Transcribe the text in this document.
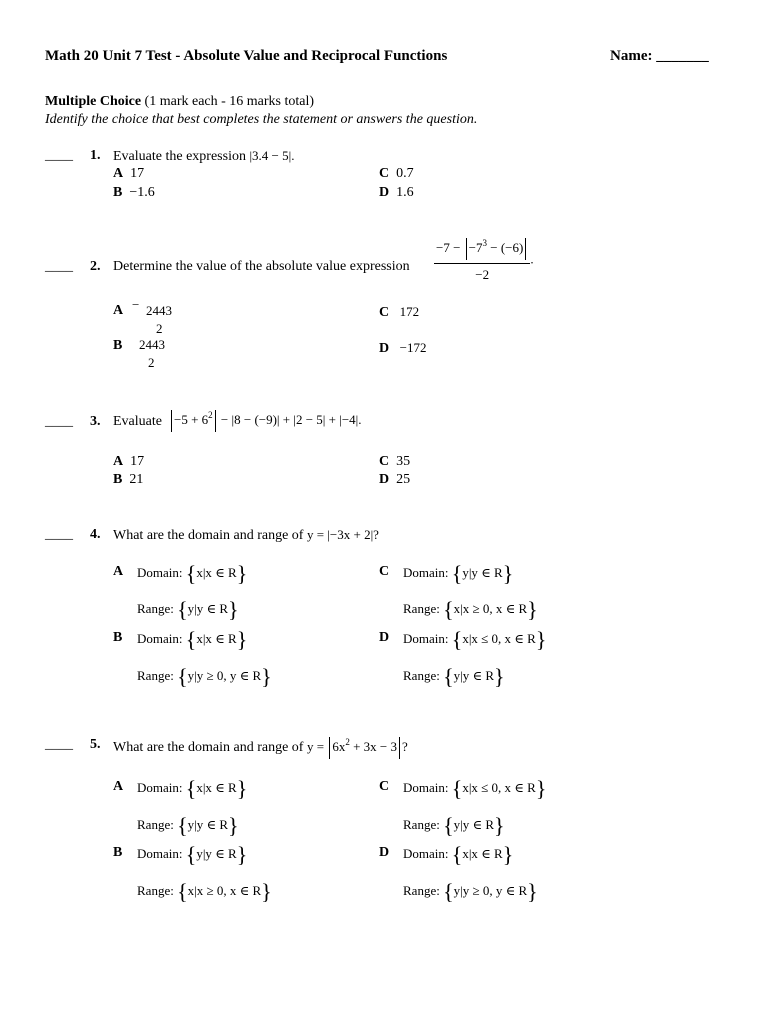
Math 20 Unit 7 Test - Absolute Value and Reciprocal Functions	Name: _______
Multiple Choice (1 mark each - 16 marks total)
Identify the choice that best completes the statement or answers the question.
____ 1. Evaluate the expression |3.4 − 5|.
A 17
B −1.6
C 0.7
D 1.6
____ 2. Determine the value of the absolute value expression $\frac{-7 - -7^3 - (-6)}{-2}$ .
A − 2443
2
B 2443
2
C 172
D −172
____ 3. Evaluate $-5 + 6^2 - |8 - (-9)| + |2 - 5| + |-4|$.
A 17
B 21
C 35
D 25
____ 4. What are the domain and range of y = |−3x + 2|?
A Domain: {x|x ∈ R}
Range: {y|y ∈ R}
B Domain: {x|x ∈ R}
Range: {y|y ≥ 0, y ∈ R}
C Domain: {y|y ∈ R}
Range: {x|x ≥ 0, x ∈ R}
D Domain: {x|x ≤ 0, x ∈ R}
Range: {y|y ∈ R}
____ 5. What are the domain and range of $y = 6x^2 + 3x - 3$ ?
A Domain: {x|x ∈ R}
Range: {y|y ∈ R}
B Domain: {y|y ∈ R}
Range: {x|x ≥ 0, x ∈ R}
C Domain: {x|x ≤ 0, x ∈ R}
Range: {y|y ∈ R}
D Domain: {x|x ∈ R}
Range: {y|y ≥ 0, y ∈ R}
